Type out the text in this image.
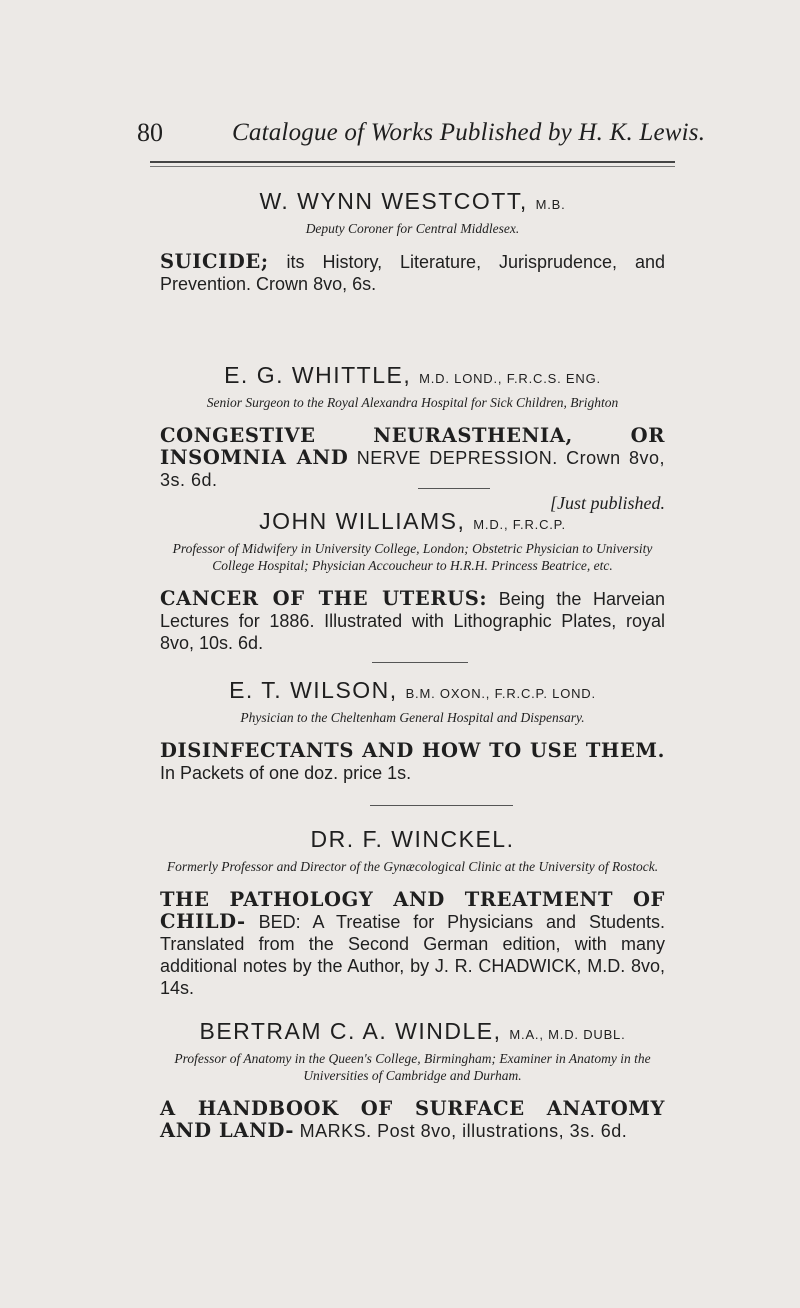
80	Catalogue of Works Published by H. K. Lewis.

W. WYNN WESTCOTT, M.B.

Deputy Coroner for Central Middlesex.

SUICIDE; its History, Literature, Jurisprudence, and Prevention. Crown 8vo, 6s.

E. G. WHITTLE, M.D. LOND., F.R.C.S. ENG.

Senior Surgeon to the Royal Alexandra Hospital for Sick Children, Brighton

CONGESTIVE NEURASTHENIA, OR INSOMNIA AND NERVE DEPRESSION. Crown 8vo, 3s. 6d.

[Just published.

JOHN WILLIAMS, M.D., F.R.C.P.

Professor of Midwifery in University College, London; Obstetric Physician to University College Hospital; Physician Accoucheur to H.R.H. Princess Beatrice, etc.

CANCER OF THE UTERUS: Being the Harveian Lectures for 1886. Illustrated with Lithographic Plates, royal 8vo, 10s. 6d.

E. T. WILSON, B.M. OXON., F.R.C.P. LOND.

Physician to the Cheltenham General Hospital and Dispensary.

DISINFECTANTS AND HOW TO USE THEM. In Packets of one doz. price 1s.

DR. F. WINCKEL.

Formerly Professor and Director of the Gynæcological Clinic at the University of Rostock.

THE PATHOLOGY AND TREATMENT OF CHILD- BED: A Treatise for Physicians and Students. Translated from the Second German edition, with many additional notes by the Author, by J. R. CHADWICK, M.D. 8vo, 14s.

BERTRAM C. A. WINDLE, M.A., M.D. DUBL.

Professor of Anatomy in the Queen's College, Birmingham; Examiner in Anatomy in the Universities of Cambridge and Durham.

A HANDBOOK OF SURFACE ANATOMY AND LAND- MARKS. Post 8vo, illustrations, 3s. 6d.
